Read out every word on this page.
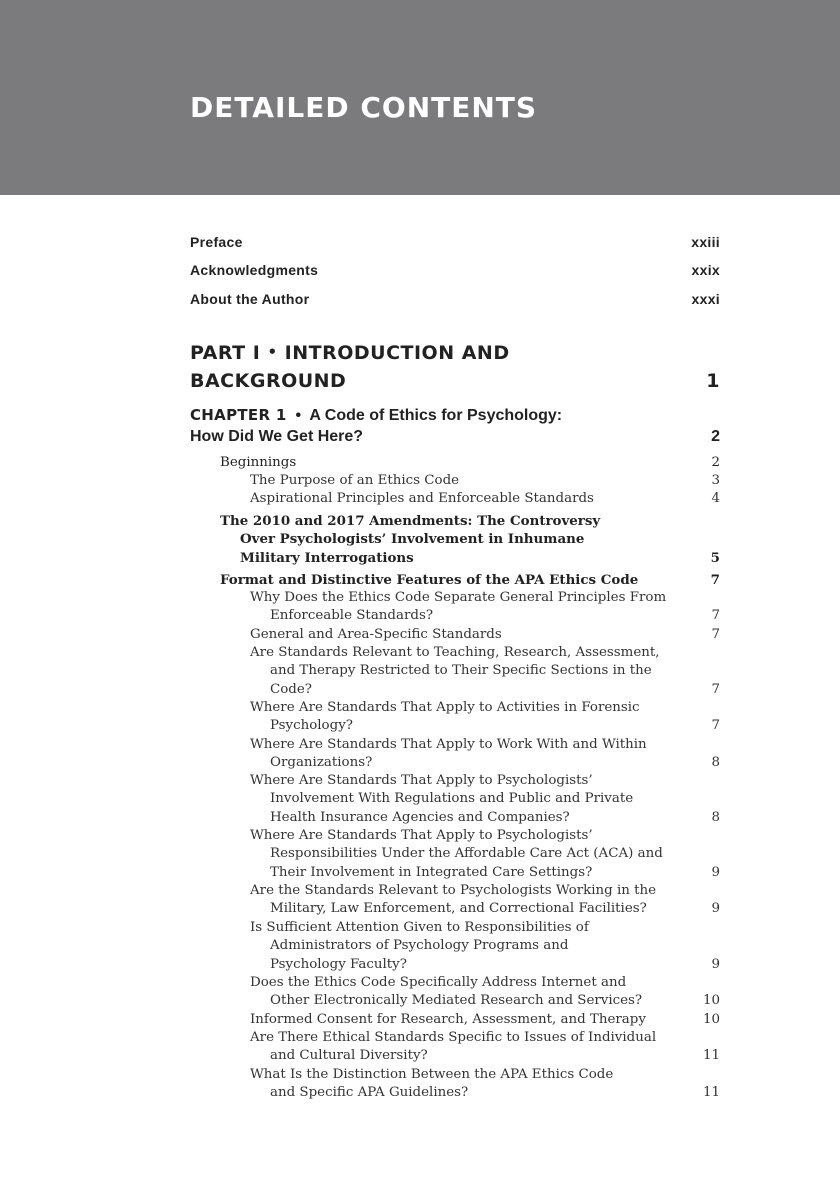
DETAILED CONTENTS
Preface	xxiii
Acknowledgments	xxix
About the Author	xxxi
PART I • INTRODUCTION AND
BACKGROUND	1
CHAPTER 1 • A Code of Ethics for Psychology:
How Did We Get Here?	2
Beginnings	2
The Purpose of an Ethics Code	3
Aspirational Principles and Enforceable Standards	4
The 2010 and 2017 Amendments: The Controversy Over Psychologists’ Involvement in Inhumane Military Interrogations	5
Format and Distinctive Features of the APA Ethics Code	7
Why Does the Ethics Code Separate General Principles From Enforceable Standards?	7
General and Area-Specific Standards	7
Are Standards Relevant to Teaching, Research, Assessment, and Therapy Restricted to Their Specific Sections in the Code?	7
Where Are Standards That Apply to Activities in Forensic Psychology?	7
Where Are Standards That Apply to Work With and Within Organizations?	8
Where Are Standards That Apply to Psychologists’ Involvement With Regulations and Public and Private Health Insurance Agencies and Companies?	8
Where Are Standards That Apply to Psychologists’ Responsibilities Under the Affordable Care Act (ACA) and Their Involvement in Integrated Care Settings?	9
Are the Standards Relevant to Psychologists Working in the Military, Law Enforcement, and Correctional Facilities?	9
Is Sufficient Attention Given to Responsibilities of Administrators of Psychology Programs and Psychology Faculty?	9
Does the Ethics Code Specifically Address Internet and Other Electronically Mediated Research and Services?	10
Informed Consent for Research, Assessment, and Therapy	10
Are There Ethical Standards Specific to Issues of Individual and Cultural Diversity?	11
What Is the Distinction Between the APA Ethics Code and Specific APA Guidelines?	11
